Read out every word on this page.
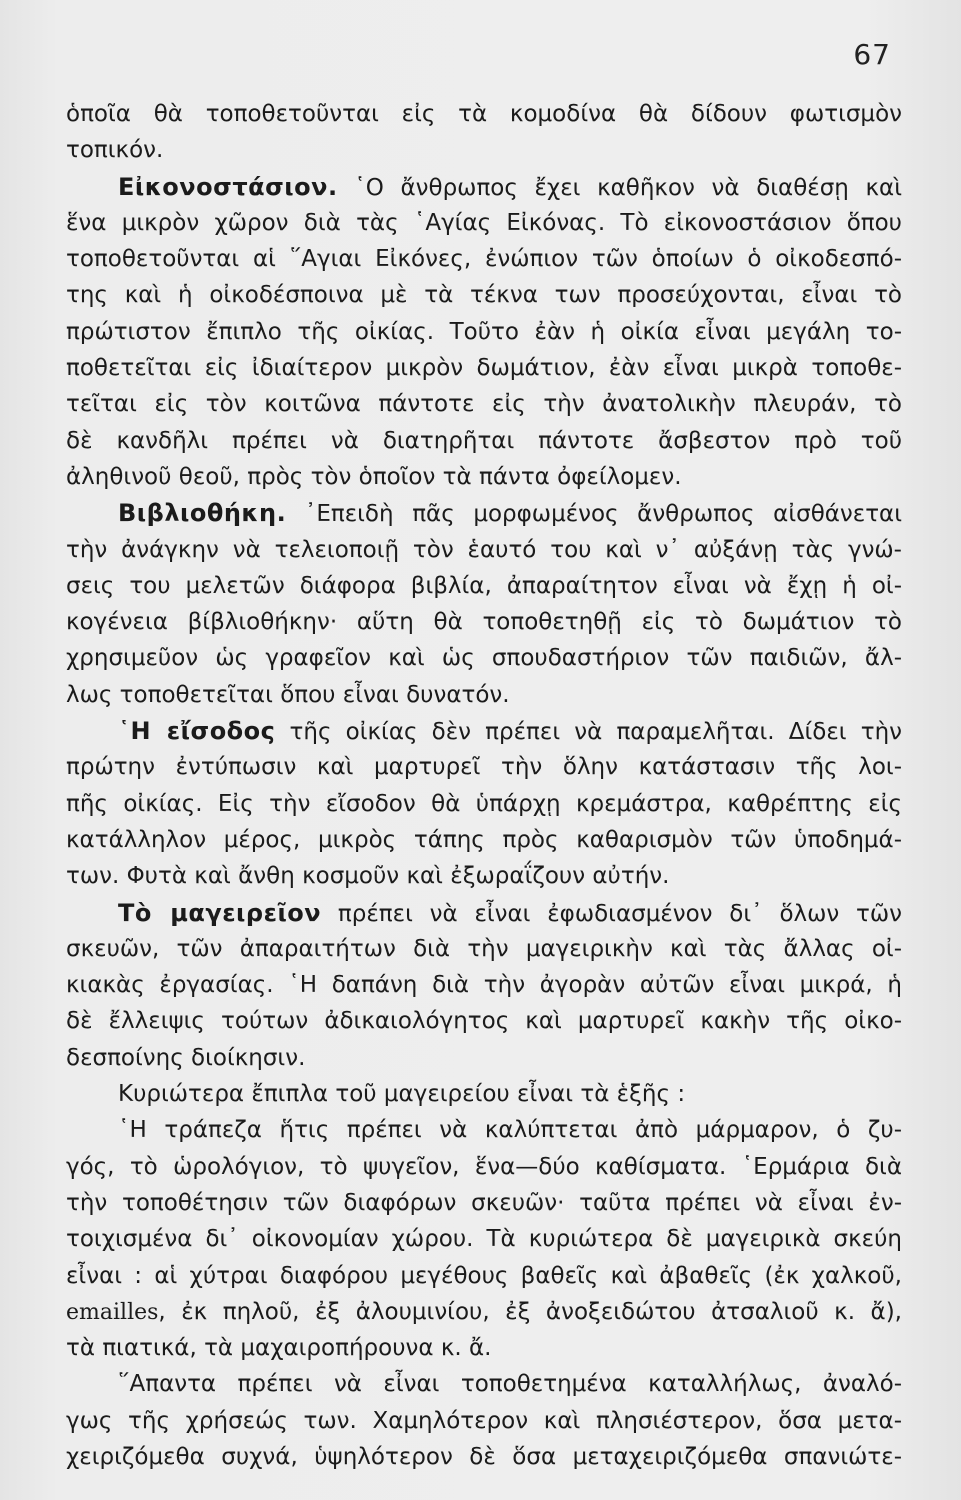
67
ὁποῖα θὰ τοποθετοῦνται εἰς τὰ κομοδίνα θὰ δίδουν φωτισμὸν
τοπικόν.
Εἰκονοστάσιον. ῾Ο ἄνθρωπος ἔχει καθῆκον νὰ διαθέσῃ καὶ
ἕνα μικρὸν χῶρον διὰ τὰς ῾Αγίας Εἰκόνας. Τὸ εἰκονοστάσιον ὅπου
τοποθετοῦνται αἱ ῞Αγιαι Εἰκόνες, ἐνώπιον τῶν ὁποίων ὁ οἰκοδεσπό-
της καὶ ἡ οἰκοδέσποινα μὲ τὰ τέκνα των προσεύχονται, εἶναι τὸ
πρώτιστον ἔπιπλο τῆς οἰκίας. Τοῦτο ἐὰν ἡ οἰκία εἶναι μεγάλη το-
ποθετεῖται εἰς ἰδιαίτερον μικρὸν δωμάτιον, ἐὰν εἶναι μικρὰ τοποθε-
τεῖται εἰς τὸν κοιτῶνα πάντοτε εἰς τὴν ἀνατολικὴν πλευράν, τὸ
δὲ κανδῆλι πρέπει νὰ διατηρῆται πάντοτε ἄσβεστον πρὸ τοῦ
ἀληθινοῦ θεοῦ, πρὸς τὸν ὁποῖον τὰ πάντα ὀφείλομεν.
Βιβλιοθήκη. ᾿Επειδὴ πᾶς μορφωμένος ἄνθρωπος αἰσθάνεται
τὴν ἀνάγκην νὰ τελειοποιῇ τὸν ἑαυτό του καὶ ν᾿ αὐξάνῃ τὰς γνώ-
σεις του μελετῶν διάφορα βιβλία, ἀπαραίτητον εἶναι νὰ ἔχῃ ἡ οἰ-
κογένεια βίβλιοθήκην· αὕτη θὰ τοποθετηθῇ εἰς τὸ δωμάτιον τὸ
χρησιμεῦον ὡς γραφεῖον καὶ ὡς σπουδαστήριον τῶν παιδιῶν, ἄλ-
λως τοποθετεῖται ὅπου εἶναι δυνατόν.
῾Η εἴσοδος τῆς οἰκίας δὲν πρέπει νὰ παραμελῆται. Δίδει τὴν
πρώτην ἐντύπωσιν καὶ μαρτυρεῖ τὴν ὅλην κατάστασιν τῆς λοι-
πῆς οἰκίας. Εἰς τὴν εἴσοδον θὰ ὑπάρχῃ κρεμάστρα, καθρέπτης εἰς
κατάλληλον μέρος, μικρὸς τάπης πρὸς καθαρισμὸν τῶν ὑποδημά-
των. Φυτὰ καὶ ἄνθη κοσμοῦν καὶ ἐξωραΐζουν αὐτήν.
Τὸ μαγειρεῖον πρέπει νὰ εἶναι ἐφωδιασμένον δι᾿ ὅλων τῶν
σκευῶν, τῶν ἀπαραιτήτων διὰ τὴν μαγειρικὴν καὶ τὰς ἄλλας οἰ-
κιακὰς ἐργασίας. ῾Η δαπάνη διὰ τὴν ἀγορὰν αὐτῶν εἶναι μικρά, ἡ
δὲ ἔλλειψις τούτων ἀδικαιολόγητος καὶ μαρτυρεῖ κακὴν τῆς οἰκο-
δεσποίνης διοίκησιν.
Κυριώτερα ἔπιπλα τοῦ μαγειρείου εἶναι τὰ ἑξῆς :
῾Η τράπεζα ἥτις πρέπει νὰ καλύπτεται ἀπὸ μάρμαρον, ὁ ζυ-
γός, τὸ ὡρολόγιον, τὸ ψυγεῖον, ἕνα—δύο καθίσματα. ῾Ερμάρια διὰ
τὴν τοποθέτησιν τῶν διαφόρων σκευῶν· ταῦτα πρέπει νὰ εἶναι ἐν-
τοιχισμένα δι᾿ οἰκονομίαν χώρου. Τὰ κυριώτερα δὲ μαγειρικὰ σκεύη
εἶναι : αἱ χύτραι διαφόρου μεγέθους βαθεῖς καὶ ἀβαθεῖς (ἐκ χαλκοῦ,
emailles, ἐκ πηλοῦ, ἐξ ἀλουμινίου, ἐξ ἀνοξειδώτου ἀτσαλιοῦ κ. ἄ),
τὰ πιατικά, τὰ μαχαιροπήρουνα κ. ἄ.
῞Απαντα πρέπει νὰ εἶναι τοποθετημένα καταλλήλως, ἀναλό-
γως τῆς χρήσεώς των. Χαμηλότερον καὶ πλησιέστερον, ὅσα μετα-
χειριζόμεθα συχνά, ὑψηλότερον δὲ ὅσα μεταχειριζόμεθα σπανιώτε-
